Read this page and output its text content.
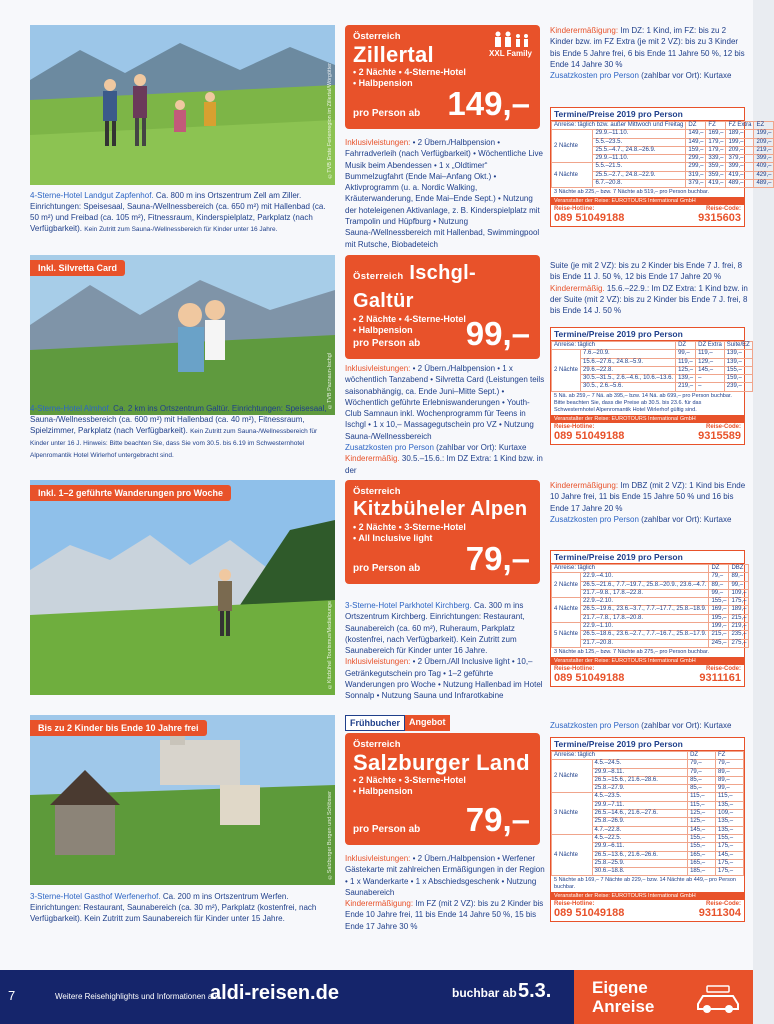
©TVB Erste Ferienregion im Zillertal/Wörgötter
4-Sterne-Hotel Landgut Zapfenhof. Ca. 800 m ins Ortszentrum Zell am Ziller. Einrichtungen: Speisesaal, Sauna-/Wellnessbereich (ca. 650 m²) mit Hallenbad (ca. 50 m²) und Freibad (ca. 105 m²), Fitnessraum, Kinderspielplatz, Parkplatz (nach Verfügbarkeit). Kein Zutritt zum Sauna-/Wellnessbereich für Kinder unter 16 Jahre.
Österreich
Zillertal
• 2 Nächte • 4-Sterne-Hotel
• Halbpension
XXL Family
pro Person ab 149,–
Inklusivleistungen: • 2 Übern./Halbpension • Fahrradverleih (nach Verfügbarkeit) • Wöchentliche Live Musik beim Abendessen • 1 x „Oldtimer“ Bummelzugfahrt (Ende Mai–Anfang Okt.) • Aktivprogramm (u. a. Nordic Walking, Kräuterwanderung, Ende Mai–Ende Sept.) • Nutzung der hoteleigenen Aktivanlage, z. B. Kinderspielplatz mit Trampolin und Hüpfburg • Nutzung Sauna-/Wellnessbereich mit Hallenbad, Swimmingpool mit Rutsche, Biobadeteich
Kinderermäßigung: Im DZ: 1 Kind, im FZ: bis zu 2 Kinder bzw. im FZ Extra (je mit 2 VZ): bis zu 3 Kinder bis Ende 5 Jahre frei, 6 bis Ende 11 Jahre 50 %, 12 bis Ende 14 Jahre 30 %
Zusatzkosten pro Person (zahlbar vor Ort): Kurtaxe
Termine/Preise 2019 pro Person
Anreise: täglich bzw. außer Mittwoch und Freitag		DZ	FZ	FZ Extra	EZ
2 Nächte	29.9.–11.10.	149,–	169,–	189,–	199,–
	5.5.–23.5.	149,–	179,–	199,–	209,–
	25.5.–4.7., 24.8.–26.9.	159,–	179,–	209,–	219,–
	29.9.–11.10.	299,–	339,–	379,–	399,–
4 Nächte	5.5.–21.5.	299,–	359,–	399,–	409,–
	25.5.–2.7., 24.8.–22.9.	319,–	359,–	419,–	429,–
	6.7.–20.8.	379,–	419,–	489,–	489,–
3 Nächte ab 225,– bzw. 7 Nächte ab 519,– pro Person buchbar.
Veranstalter der Reise: EUROTOURS International GmbH
Reise-Hotline:
089 51049188
Reise-Code:
9315603
Inkl. Silvretta Card
©TVB Paznaun-Ischgl
4-Sterne-Hotel Almhof. Ca. 2 km ins Ortszentrum Galtür. Einrichtungen: Speisesaal, Sauna-/Wellnessbereich (ca. 600 m²) mit Hallenbad (ca. 40 m²), Fitnessraum, Spielzimmer, Parkplatz (nach Verfügbarkeit). Kein Zutritt zum Sauna-/Wellnessbereich für Kinder unter 16 J. Hinweis: Bitte beachten Sie, dass Sie vom 30.5. bis 6.19 im Schwesternhotel Alpenromantik Hotel Wirlerhof untergebracht sind.
Österreich Ischgl-Galtür
• 2 Nächte • 4-Sterne-Hotel
• Halbpension
pro Person ab 99,–
Inklusivleistungen: • 2 Übern./Halbpension • 1 x wöchentlich Tanzabend • Silvretta Card (Leistungen teils saisonabhängig, ca. Ende Juni–Mitte Sept.) • Wöchentlich geführte Erlebniswanderungen • Youth-Club Samnaun inkl. Wochenprogramm für Teens in Ischgl • 1 x 10,– Massagegutschein pro VZ • Nutzung Sauna-/Wellnessbereich
Zusatzkosten pro Person (zahlbar vor Ort): Kurtaxe
Kinderermäßig. 30.5.–15.6.: Im DZ Extra: 1 Kind bzw. in der
Suite (je mit 2 VZ): bis zu 2 Kinder bis Ende 7 J. frei, 8 bis Ende 11 J. 50 %, 12 bis Ende 17 Jahre 20 %
Kinderermäßig. 15.6.–22.9.: Im DZ Extra: 1 Kind bzw. in der Suite (mit 2 VZ): bis zu 2 Kinder bis Ende 7 J. frei, 8 bis Ende 14 J. 50 %
Termine/Preise 2019 pro Person
Anreise: täglich		DZ	DZ Extra	Suite/EZ
2 Nächte	7.6.–20.9.	99,–	119,–	139,–
	15.6.–27.6., 24.8.–5.9.	119,–	129,–	139,–
	29.6.–22.8.	125,–	145,–	155,–
	30.5.–31.5., 2.6.–4.6., 10.6.–13.6.	139,–	–	159,–
	30.5., 2.6.–5.6.	219,–	–	239,–
5 Nä. ab 259,– 7 Nä. ab 395,– bzw. 14 Nä. ab 699,– pro Person buchbar. Bitte beachten Sie, dass die Preise ab 30.5. bis 23.6. für das Schwesternhotel Alpenromantik Hotel Wirlerhof gültig sind.
Veranstalter der Reise: EUROTOURS International GmbH
Reise-Hotline:
089 51049188
Reise-Code:
9315589
Inkl. 1–2 geführte Wanderungen pro Woche
©Kitzbühel Tourismus/Medialounge
Österreich
Kitzbüheler Alpen
• 2 Nächte • 3-Sterne-Hotel
• All Inclusive light
pro Person ab 79,–
3-Sterne-Hotel Parkhotel Kirchberg. Ca. 300 m ins Ortszentrum Kirchberg. Einrichtungen: Restaurant, Saunabereich (ca. 60 m²), Ruheraum, Parkplatz (kostenfrei, nach Verfügbarkeit). Kein Zutritt zum Saunabereich für Kinder unter 16 Jahre.
Inklusivleistungen: • 2 Übern./All Inclusive light • 10,– Getränkegutschein pro Tag • 1–2 geführte Wanderungen pro Woche • Nutzung Hallenbad im Hotel Sonnalp • Nutzung Sauna und Infrarotkabine
Kinderermäßigung: Im DBZ (mit 2 VZ): 1 Kind bis Ende 10 Jahre frei, 11 bis Ende 15 Jahre 50 % und 16 bis Ende 17 Jahre 20 %
Zusatzkosten pro Person (zahlbar vor Ort): Kurtaxe
Termine/Preise 2019 pro Person
Anreise: täglich		DZ	DBZ
2 Nächte	22.9.–4.10.	79,–	89,–
	26.5.–21.6., 7.7.–19.7., 25.8.–20.9., 23.6.–4.7.	89,–	99,–
	21.7.–9.8., 17.8.–22.8.	99,–	109,–
4 Nächte	22.9.–2.10.	155,–	175,–
	26.5.–19.6., 23.6.–3.7., 7.7.–17.7., 25.8.–18.9.	169,–	189,–
	21.7.–7.8., 17.8.–20.8.	195,–	215,–
5 Nächte	22.9.–1.10.	199,–	219,–
	26.5.–18.6., 23.6.–2.7., 7.7.–16.7., 25.8.–17.9.	215,–	235,–
	21.7.–20.8.	245,–	275,–
3 Nächte ab 125,– bzw. 7 Nächte ab 275,– pro Person buchbar.
Veranstalter der Reise: EUROTOURS International GmbH
Reise-Hotline:
089 51049188
Reise-Code:
9311161
Bis zu 2 Kinder bis Ende 10 Jahre frei
©Salzburger Burgen und Schlösser
3-Sterne-Hotel Gasthof Werfenerhof. Ca. 200 m ins Ortszentrum Werfen. Einrichtungen: Restaurant, Saunabereich (ca. 30 m²), Parkplatz (kostenfrei, nach Verfügbarkeit). Kein Zutritt zum Saunabereich für Kinder unter 15 Jahre.
Österreich
Salzburger Land
• 2 Nächte • 3-Sterne-Hotel
• Halbpension
pro Person ab 79,–
Frühbucher	Angebot
Inklusivleistungen: • 2 Übern./Halbpension • Werfener Gästekarte mit zahlreichen Ermäßigungen in der Region • 1 x Wanderkarte • 1 x Abschiedsgeschenk • Nutzung Saunabereich
Kinderermäßigung: Im FZ (mit 2 VZ): bis zu 2 Kinder bis Ende 10 Jahre frei, 11 bis Ende 14 Jahre 50 %, 15 bis Ende 17 Jahre 30 %
Zusatzkosten pro Person (zahlbar vor Ort): Kurtaxe
Termine/Preise 2019 pro Person
Anreise: täglich		DZ	FZ
2 Nächte	4.5.–24.5.	79,–	79,–
	29.9.–8.11.	79,–	89,–
	26.5.–15.6., 21.6.–28.6.	85,–	89,–
	25.8.–27.9.	85,–	99,–
3 Nächte	4.5.–23.5.	115,–	115,–
	29.9.–7.11.	115,–	135,–
	26.5.–14.6., 21.6.–27.6.	125,–	109,–
	25.8.–26.9.	125,–	135,–
	4.7.–22.8.	145,–	135,–
4 Nächte	4.5.–22.5.	155,–	155,–
	29.9.–6.11.	155,–	175,–
	26.5.–13.6., 21.6.–26.6.	165,–	145,–
	25.8.–25.9.	165,–	175,–
	30.6.–18.8.	185,–	175,–
5 Nächte ab 169,– 7 Nächte ab 229,– bzw. 14 Nächte ab 449,– pro Person buchbar.
Veranstalter der Reise: EUROTOURS International GmbH
Reise-Hotline:
089 51049188
Reise-Code:
9311304
7	Weitere Reisehighlights und Informationen auf
aldi-reisen.de	buchbar ab 5.3. Eigene
Anreise
